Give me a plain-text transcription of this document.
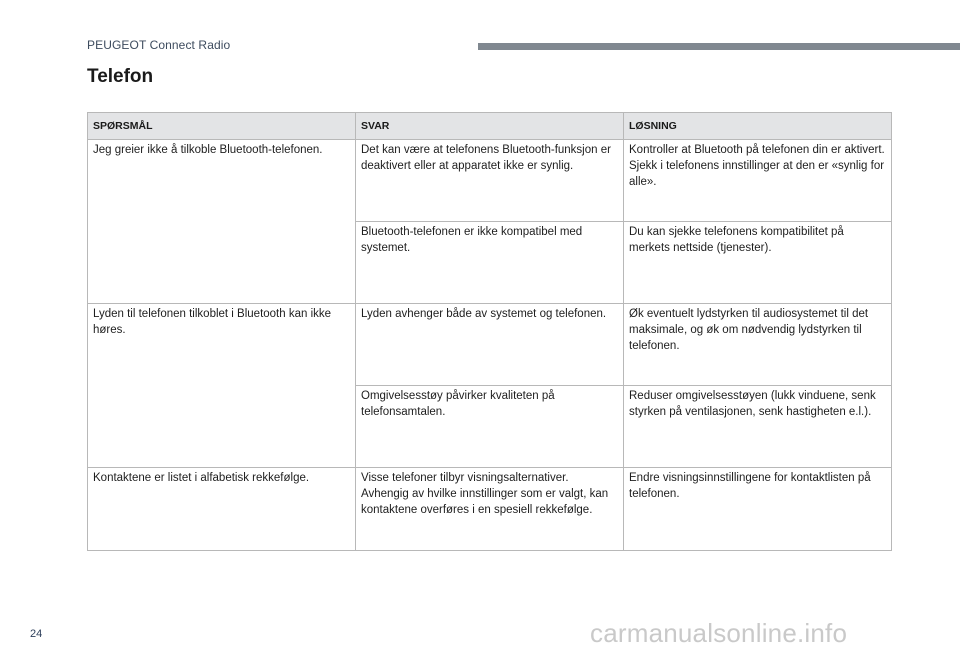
PEUGEOT Connect Radio
Telefon
SPØRSMÅL	SVAR	LØSNING
Jeg greier ikke å tilkoble Bluetooth-telefonen.	Det kan være at telefonens Bluetooth-funksjon er deaktivert eller at apparatet ikke er synlig.	Kontroller at Bluetooth på telefonen din er aktivert.
Sjekk i telefonens innstillinger at den er «synlig for alle».
	Bluetooth-telefonen er ikke kompatibel med systemet.	Du kan sjekke telefonens kompatibilitet på merkets nettside (tjenester).
Lyden til telefonen tilkoblet i Bluetooth kan ikke høres.	Lyden avhenger både av systemet og telefonen.	Øk eventuelt lydstyrken til audiosystemet til det maksimale, og øk om nødvendig lydstyrken til telefonen.
	Omgivelsesstøy påvirker kvaliteten på telefonsamtalen.	Reduser omgivelsesstøyen (lukk vinduene, senk styrken på ventilasjonen, senk hastigheten e.l.).
Kontaktene er listet i alfabetisk rekkefølge.	Visse telefoner tilbyr visningsalternativer. Avhengig av hvilke innstillinger som er valgt, kan kontaktene overføres i en spesiell rekkefølge.	Endre visningsinnstillingene for kontaktlisten på telefonen.
24	carmanualsonline.info
